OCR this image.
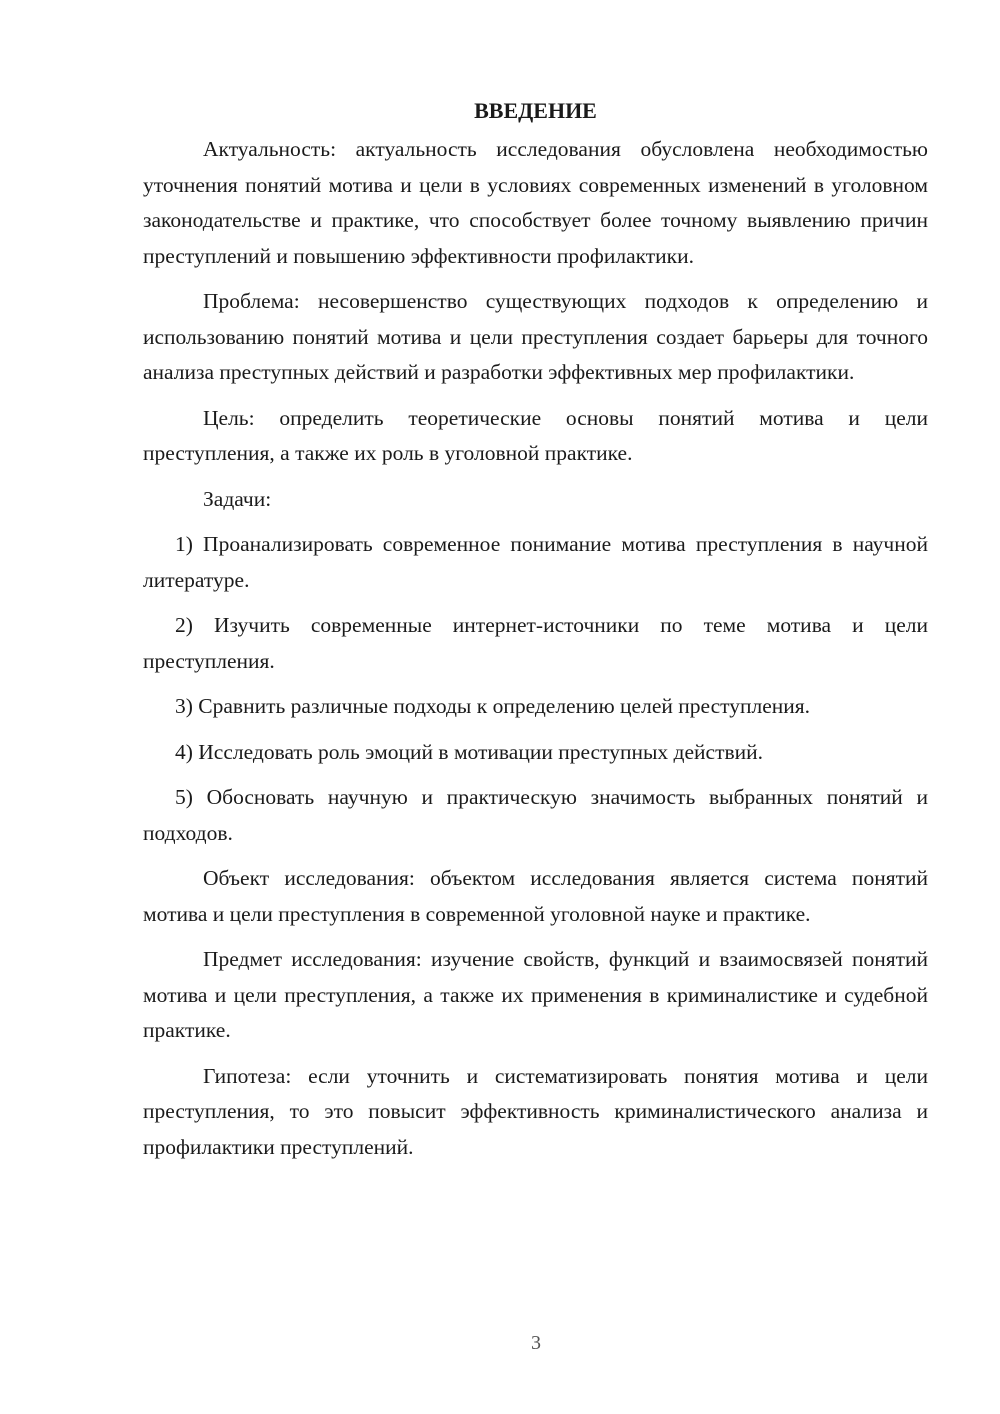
ВВЕДЕНИЕ

Актуальность: актуальность исследования обусловлена необходимостью уточнения понятий мотива и цели в условиях современных изменений в уголовном законодательстве и практике, что способствует более точному выявлению причин преступлений и повышению эффективности профилактики.

Проблема: несовершенство существующих подходов к определению и использованию понятий мотива и цели преступления создает барьеры для точного анализа преступных действий и разработки эффективных мер профилактики.

Цель: определить теоретические основы понятий мотива и цели преступления, а также их роль в уголовной практике.

Задачи:

1) Проанализировать современное понимание мотива преступления в научной литературе.

2) Изучить современные интернет-источники по теме мотива и цели преступления.

3) Сравнить различные подходы к определению целей преступления.

4) Исследовать роль эмоций в мотивации преступных действий.

5) Обосновать научную и практическую значимость выбранных понятий и подходов.

Объект исследования: объектом исследования является система понятий мотива и цели преступления в современной уголовной науке и практике.

Предмет исследования: изучение свойств, функций и взаимосвязей понятий мотива и цели преступления, а также их применения в криминалистике и судебной практике.

Гипотеза: если уточнить и систематизировать понятия мотива и цели преступления, то это повысит эффективность криминалистического анализа и профилактики преступлений.

3
